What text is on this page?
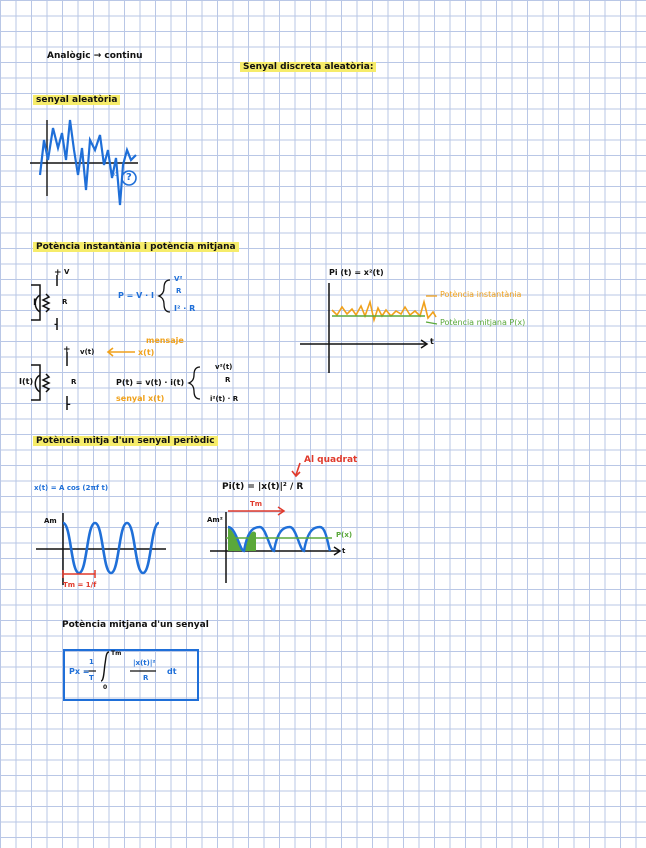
Analògic → continu
Senyal discreta aleatòria:
senyal aleatòria
t₀ ?
Potència instantània i potència mitjana
+ V
I	R
-
P = V · I
V²
R
I² · R
+ v(t)
I(t)	R
-
mensaje
x(t)
P(t) = v(t) · i(t)
v²(t)
R
i²(t) · R
senyal x(t)
Pi (t) = x²(t)
t
Potència instantània
Potència mitjana P(x)
Potència mitja d'un senyal periòdic
Al quadrat
x(t) = A cos (2πf t)
Am
Tm = 1/f
Pi(t) = |x(t)|² / R
Am²
Tm
P(x)
t
Potència mitjana d'un senyal
Px =
1
T
Tm
0
|x(t)|²
R
dt
